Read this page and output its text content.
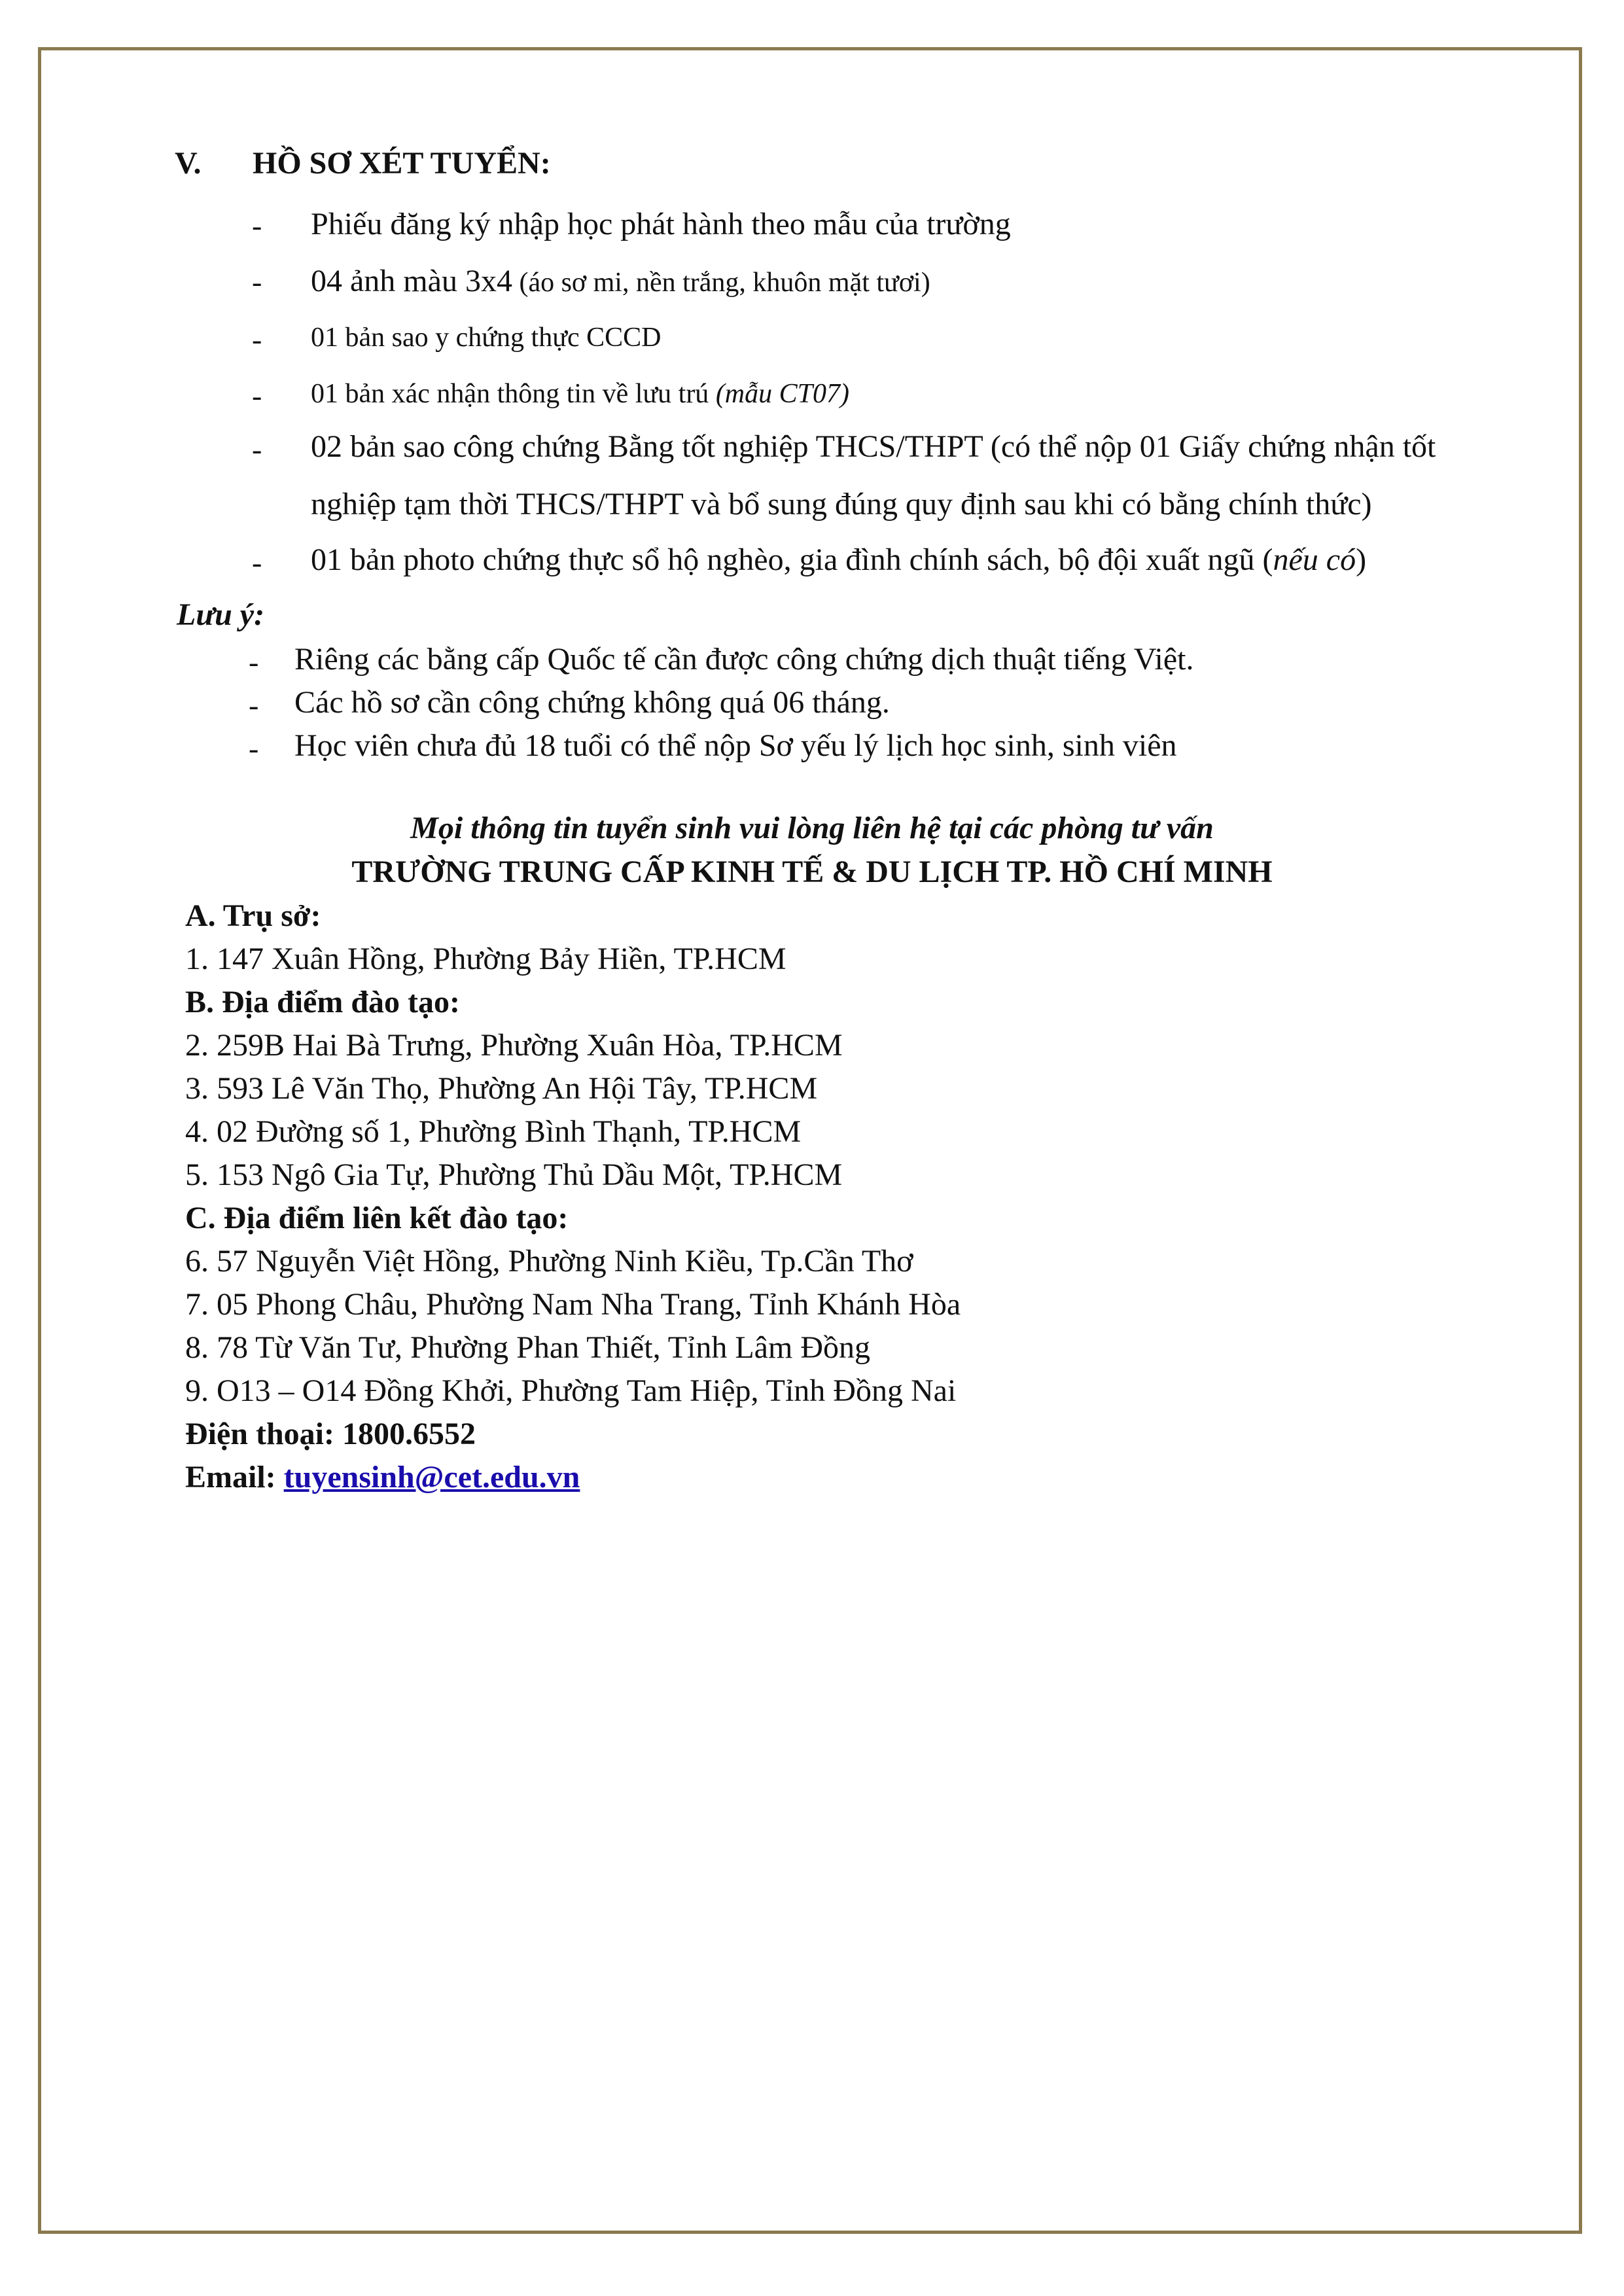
V. HỒ SƠ XÉT TUYỂN:
- Phiếu đăng ký nhập học phát hành theo mẫu của trường
- 04 ảnh màu 3x4 (áo sơ mi, nền trắng, khuôn mặt tươi)
- 01 bản sao y chứng thực CCCD
- 01 bản xác nhận thông tin về lưu trú (mẫu CT07)
- 02 bản sao công chứng Bằng tốt nghiệp THCS/THPT (có thể nộp 01 Giấy chứng nhận tốt
nghiệp tạm thời THCS/THPT và bổ sung đúng quy định sau khi có bằng chính thức)
- 01 bản photo chứng thực sổ hộ nghèo, gia đình chính sách, bộ đội xuất ngũ (nếu có)
Lưu ý:
- Riêng các bằng cấp Quốc tế cần được công chứng dịch thuật tiếng Việt.
- Các hồ sơ cần công chứng không quá 06 tháng.
- Học viên chưa đủ 18 tuổi có thể nộp Sơ yếu lý lịch học sinh, sinh viên
Mọi thông tin tuyển sinh vui lòng liên hệ tại các phòng tư vấn
TRƯỜNG TRUNG CẤP KINH TẾ & DU LỊCH TP. HỒ CHÍ MINH
A. Trụ sở:
1. 147 Xuân Hồng, Phường Bảy Hiền, TP.HCM
B. Địa điểm đào tạo:
2. 259B Hai Bà Trưng, Phường Xuân Hòa, TP.HCM
3. 593 Lê Văn Thọ, Phường An Hội Tây, TP.HCM
4. 02 Đường số 1, Phường Bình Thạnh, TP.HCM
5. 153 Ngô Gia Tự, Phường Thủ Dầu Một, TP.HCM
C. Địa điểm liên kết đào tạo:
6. 57 Nguyễn Việt Hồng, Phường Ninh Kiều, Tp.Cần Thơ
7. 05 Phong Châu, Phường Nam Nha Trang, Tỉnh Khánh Hòa
8. 78 Từ Văn Tư, Phường Phan Thiết, Tỉnh Lâm Đồng
9. O13 – O14 Đồng Khởi, Phường Tam Hiệp, Tỉnh Đồng Nai
Điện thoại: 1800.6552
Email: tuyensinh@cet.edu.vn
